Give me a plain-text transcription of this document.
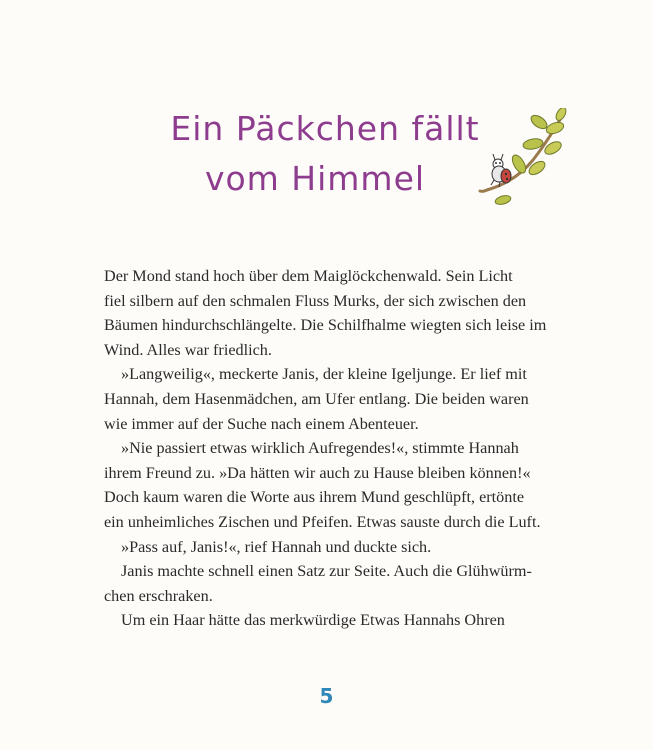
Ein Päckchen fällt
vom Himmel

Der Mond stand hoch über dem Maiglöckchenwald. Sein Licht

fiel silbern auf den schmalen Fluss Murks, der sich zwischen den

Bäumen hindurchschlängelte. Die Schilfhalme wiegten sich leise im

Wind. Alles war friedlich.

»Langweilig«, meckerte Janis, der kleine Igeljunge. Er lief mit

Hannah, dem Hasenmädchen, am Ufer entlang. Die beiden waren

wie immer auf der Suche nach einem Abenteuer.

»Nie passiert etwas wirklich Aufregendes!«, stimmte Hannah

ihrem Freund zu. »Da hätten wir auch zu Hause bleiben können!«

Doch kaum waren die Worte aus ihrem Mund geschlüpft, ertönte

ein unheimliches Zischen und Pfeifen. Etwas sauste durch die Luft.

»Pass auf, Janis!«, rief Hannah und duckte sich.

Janis machte schnell einen Satz zur Seite. Auch die Glühwürm-

chen erschraken.

Um ein Haar hätte das merkwürdige Etwas Hannahs Ohren

5
